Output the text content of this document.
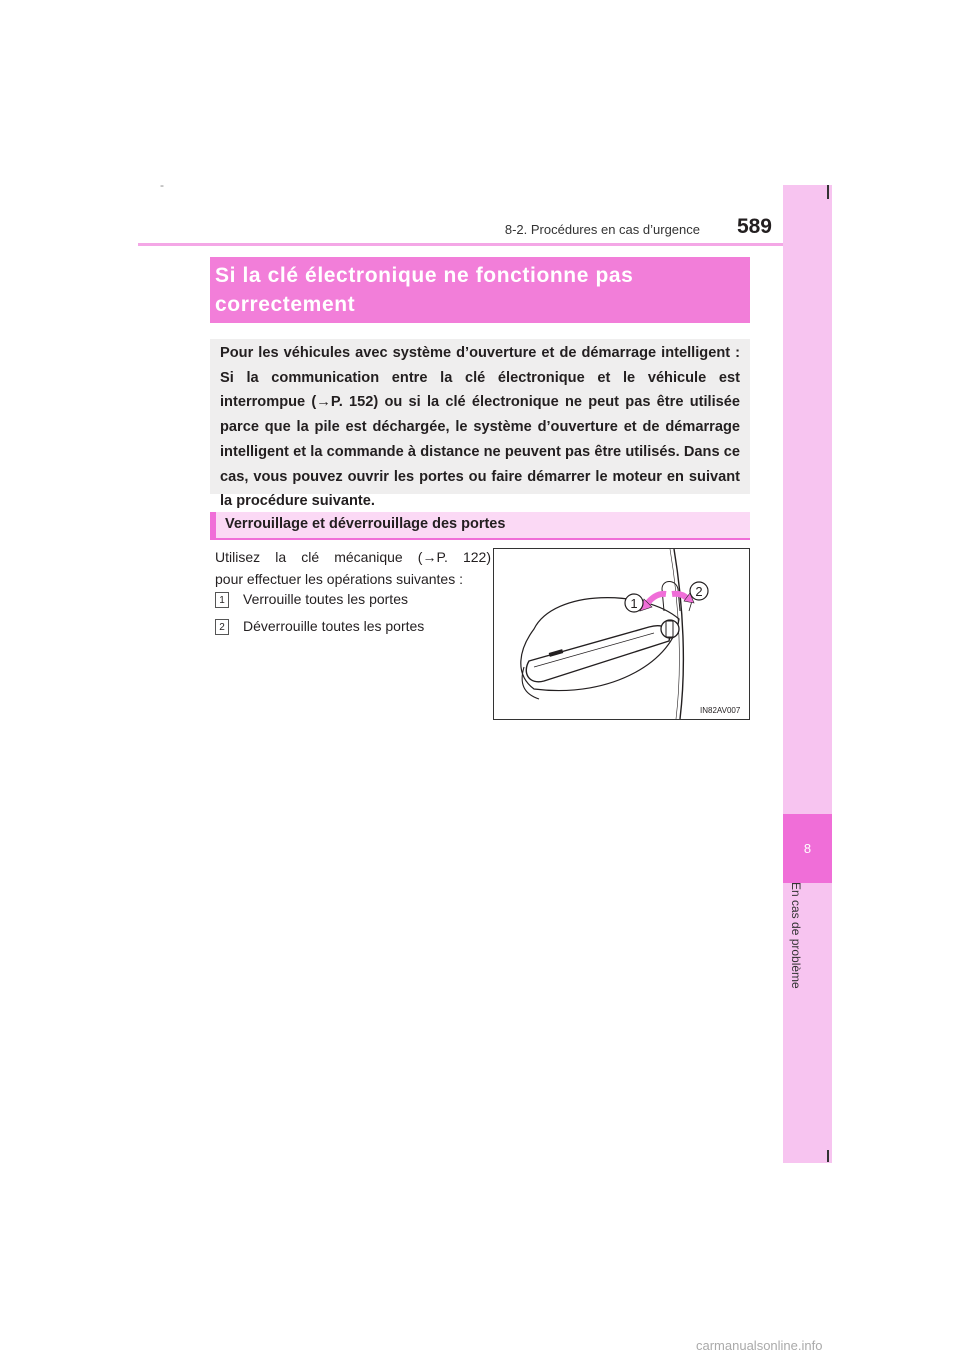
-
8-2. Procédures en cas d’urgence	589
8
En cas de problème
Si la clé électronique ne fonctionne pas
correctement
Pour les véhicules avec système d’ouverture et de démarrage intelligent : Si la communication entre la clé électronique et le véhicule est interrompue (→P. 152) ou si la clé électronique ne peut pas être utilisée parce que la pile est déchargée, le système d’ouverture et de démarrage intelligent et la commande à distance ne peuvent pas être utilisés. Dans ce cas, vous pouvez ouvrir les portes ou faire démarrer le moteur en suivant la procédure suivante.
Verrouillage et déverrouillage des portes
Utilisez la clé mécanique (→P. 122)
pour effectuer les opérations suivantes :
1	Verrouille toutes les portes
2	Déverrouille toutes les portes
1
2
IN82AV007
carmanualsonline.info
